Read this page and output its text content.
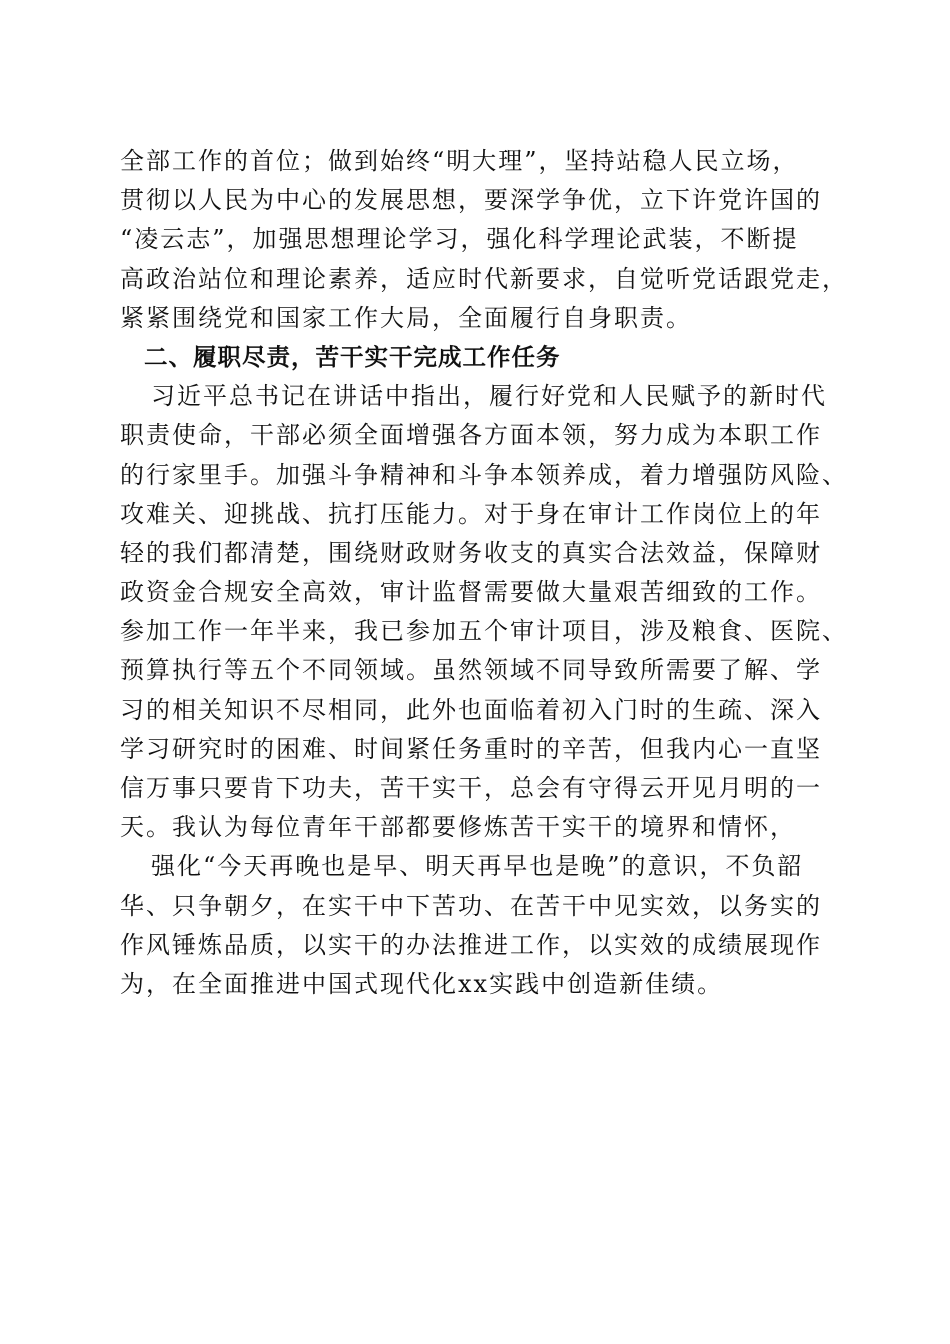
全部工作的首位；做到始终“明大理”，坚持站稳人民立场，
贯彻以人民为中心的发展思想，要深学争优，立下许党许国的
“凌云志”，加强思想理论学习，强化科学理论武装，不断提
高政治站位和理论素养，适应时代新要求，自觉听党话跟党走，
紧紧围绕党和国家工作大局，全面履行自身职责。
二、履职尽责，苦干实干完成工作任务
习近平总书记在讲话中指出，履行好党和人民赋予的新时代
职责使命，干部必须全面增强各方面本领，努力成为本职工作
的行家里手。加强斗争精神和斗争本领养成，着力增强防风险、
攻难关、迎挑战、抗打压能力。对于身在审计工作岗位上的年
轻的我们都清楚，围绕财政财务收支的真实合法效益，保障财
政资金合规安全高效，审计监督需要做大量艰苦细致的工作。
参加工作一年半来，我已参加五个审计项目，涉及粮食、医院、
预算执行等五个不同领域。虽然领域不同导致所需要了解、学
习的相关知识不尽相同，此外也面临着初入门时的生疏、深入
学习研究时的困难、时间紧任务重时的辛苦，但我内心一直坚
信万事只要肯下功夫，苦干实干，总会有守得云开见月明的一
天。我认为每位青年干部都要修炼苦干实干的境界和情怀，
强化“今天再晚也是早、明天再早也是晚”的意识，不负韶
华、只争朝夕，在实干中下苦功、在苦干中见实效，以务实的
作风锤炼品质，以实干的办法推进工作，以实效的成绩展现作
为，在全面推进中国式现代化xx实践中创造新佳绩。
